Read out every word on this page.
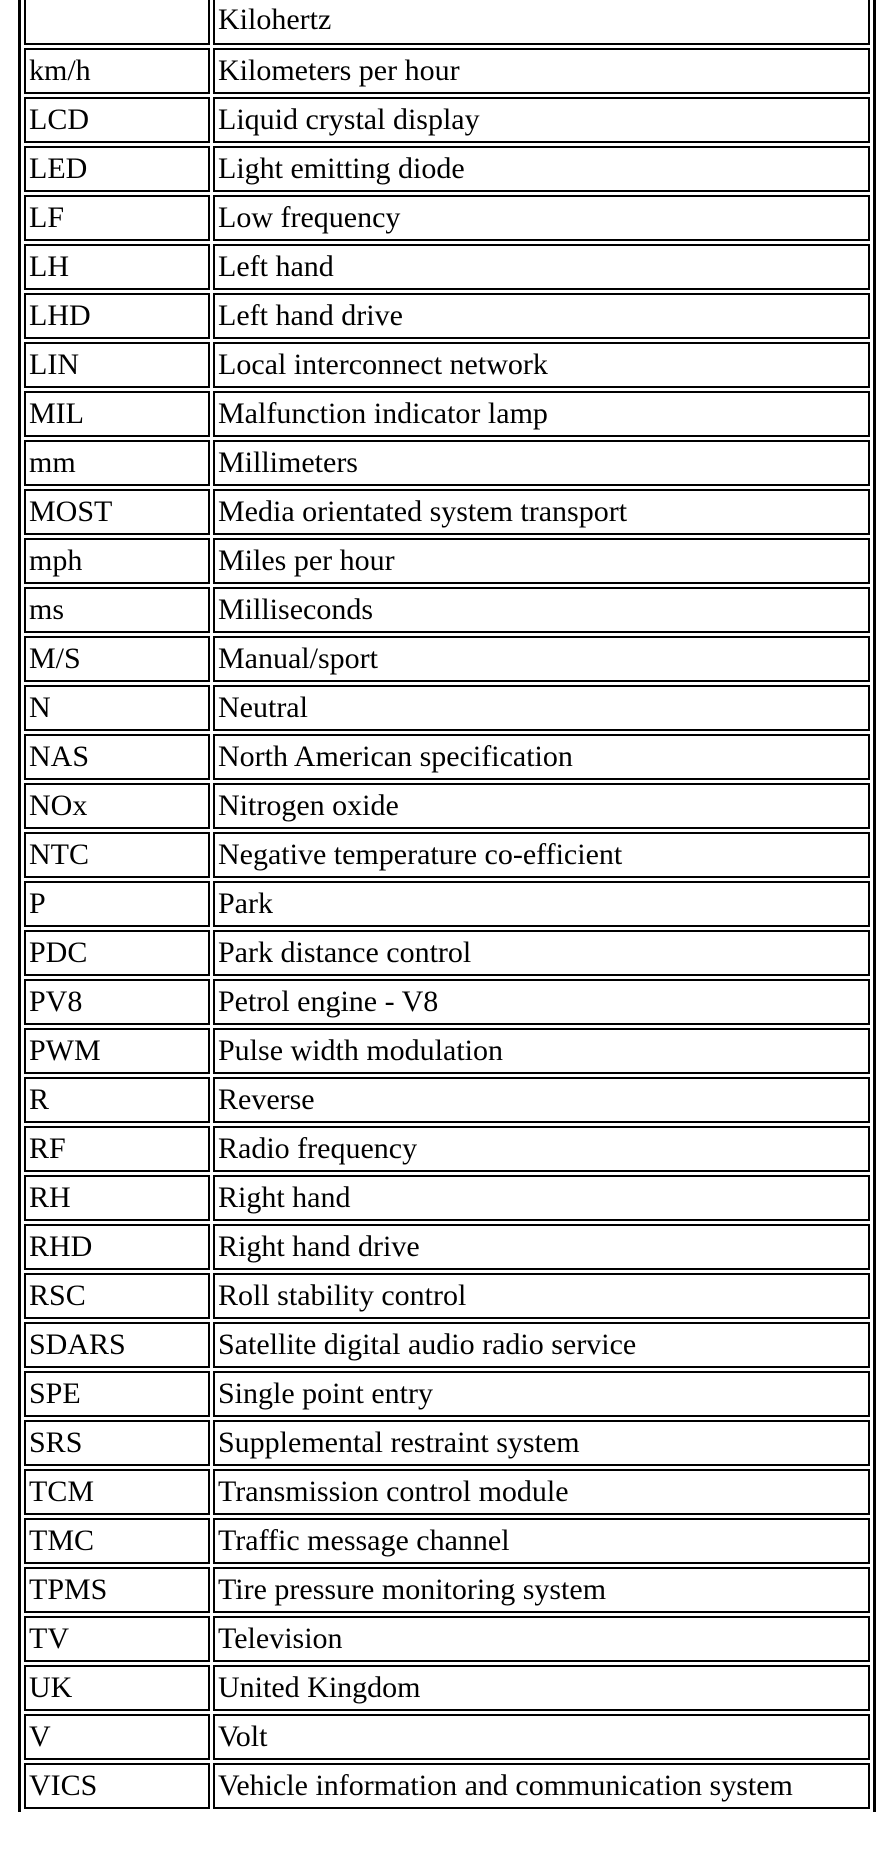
	Kilohertz
km/h	Kilometers per hour
LCD	Liquid crystal display
LED	Light emitting diode
LF	Low frequency
LH	Left hand
LHD	Left hand drive
LIN	Local interconnect network
MIL	Malfunction indicator lamp
mm	Millimeters
MOST	Media orientated system transport
mph	Miles per hour
ms	Milliseconds
M/S	Manual/sport
N	Neutral
NAS	North American specification
NOx	Nitrogen oxide
NTC	Negative temperature co-efficient
P	Park
PDC	Park distance control
PV8	Petrol engine - V8
PWM	Pulse width modulation
R	Reverse
RF	Radio frequency
RH	Right hand
RHD	Right hand drive
RSC	Roll stability control
SDARS	Satellite digital audio radio service
SPE	Single point entry
SRS	Supplemental restraint system
TCM	Transmission control module
TMC	Traffic message channel
TPMS	Tire pressure monitoring system
TV	Television
UK	United Kingdom
V	Volt
VICS	Vehicle information and communication system
